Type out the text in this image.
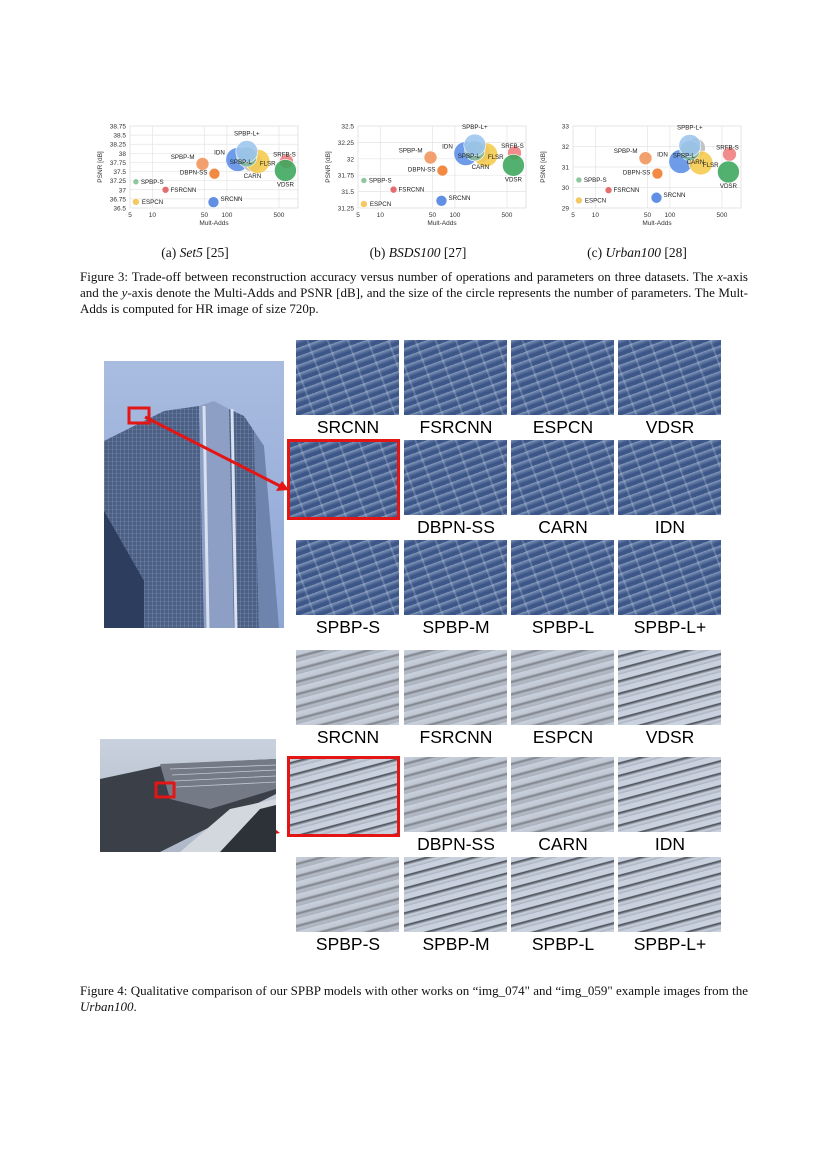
36.5
36.75
37
37.25
37.5
37.75
38
38.25
38.5
38.75
5	10	50 100	500
Mult-Adds
PSNR [dB]	SPBP-S
ESPCN
FSRCNN
SRCNN
SPBP-M
DBPN-SS
IDN
CARN
FLSR
SPBP-L
SPBP-L+
SRFB-S
VDSR
31.25
31.5
31.75
32
32.25
32.5
5	10	50 100	500
Mult-Adds
PSNR [dB]	SPBP-S
ESPCN
FSRCNN
SRCNN
SPBP-M
DBPN-SS
IDN
CARN
FLSR
SPBP-L
SPBP-L+
SRFB-S
VDSR
29
30
31
32
33
5	10	50 100	500
Mult-Adds
PSNR [dB]	SPBP-S
ESPCN
FSRCNN
SRCNN
SPBP-M
DBPN-SS
IDN
CARN
FLSR
SPBP-L
SPBP-L+
SRFB-S
VDSR
(a) Set5 [25]	(b) BSDS100 [27]	(c) Urban100 [28]

Figure 3: Trade-off between reconstruction accuracy versus number of operations and parameters on three datasets. The x-axis and the y-axis denote the Multi-Adds and PSNR [dB], and the size of the circle represents the number of parameters. The Mult-Adds is computed for HR image of size 720p.

SRCNN	FSRCNN	ESPCN	VDSR
DBPN-SS	CARN	IDN
SPBP-S	SPBP-M	SPBP-L	SPBP-L+
SRCNN	FSRCNN	ESPCN	VDSR
DBPN-SS	CARN	IDN
SPBP-S	SPBP-M	SPBP-L	SPBP-L+

Figure 4: Qualitative comparison of our SPBP models with other works on “img_074" and “img_059" example images from the Urban100.
